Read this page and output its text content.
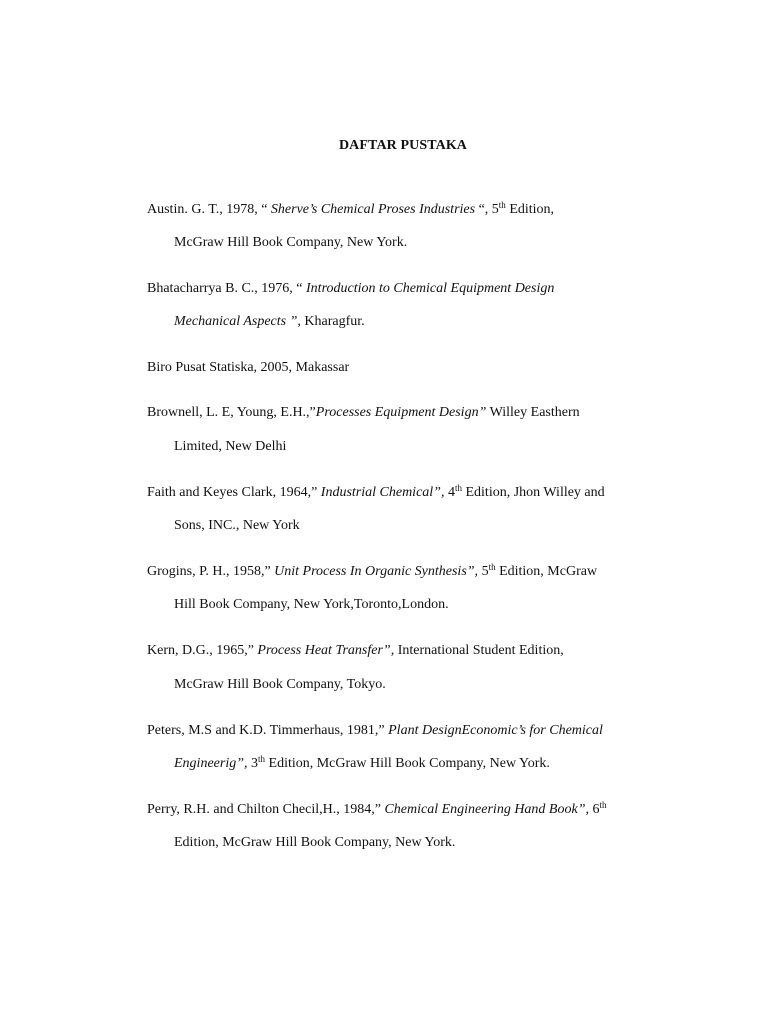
DAFTAR PUSTAKA
Austin. G. T., 1978, “ Sherve’s Chemical Proses Industries “, 5th Edition,
McGraw Hill Book Company, New York.
Bhatacharrya B. C., 1976, “ Introduction to Chemical Equipment Design
Mechanical Aspects ”, Kharagfur.
Biro Pusat Statiska, 2005, Makassar
Brownell, L. E, Young, E.H.,”Processes Equipment Design” Willey Easthern
Limited, New Delhi
Faith and Keyes Clark, 1964,” Industrial Chemical”, 4th Edition, Jhon Willey and
Sons, INC., New York
Grogins, P. H., 1958,” Unit Process In Organic Synthesis”, 5th Edition, McGraw
Hill Book Company, New York,Toronto,London.
Kern, D.G., 1965,” Process Heat Transfer”, International Student Edition,
McGraw Hill Book Company, Tokyo.
Peters, M.S and K.D. Timmerhaus, 1981,” Plant DesignEconomic’s for Chemical
Engineerig”, 3th Edition, McGraw Hill Book Company, New York.
Perry, R.H. and Chilton Checil,H., 1984,” Chemical Engineering Hand Book”, 6th
Edition, McGraw Hill Book Company, New York.
